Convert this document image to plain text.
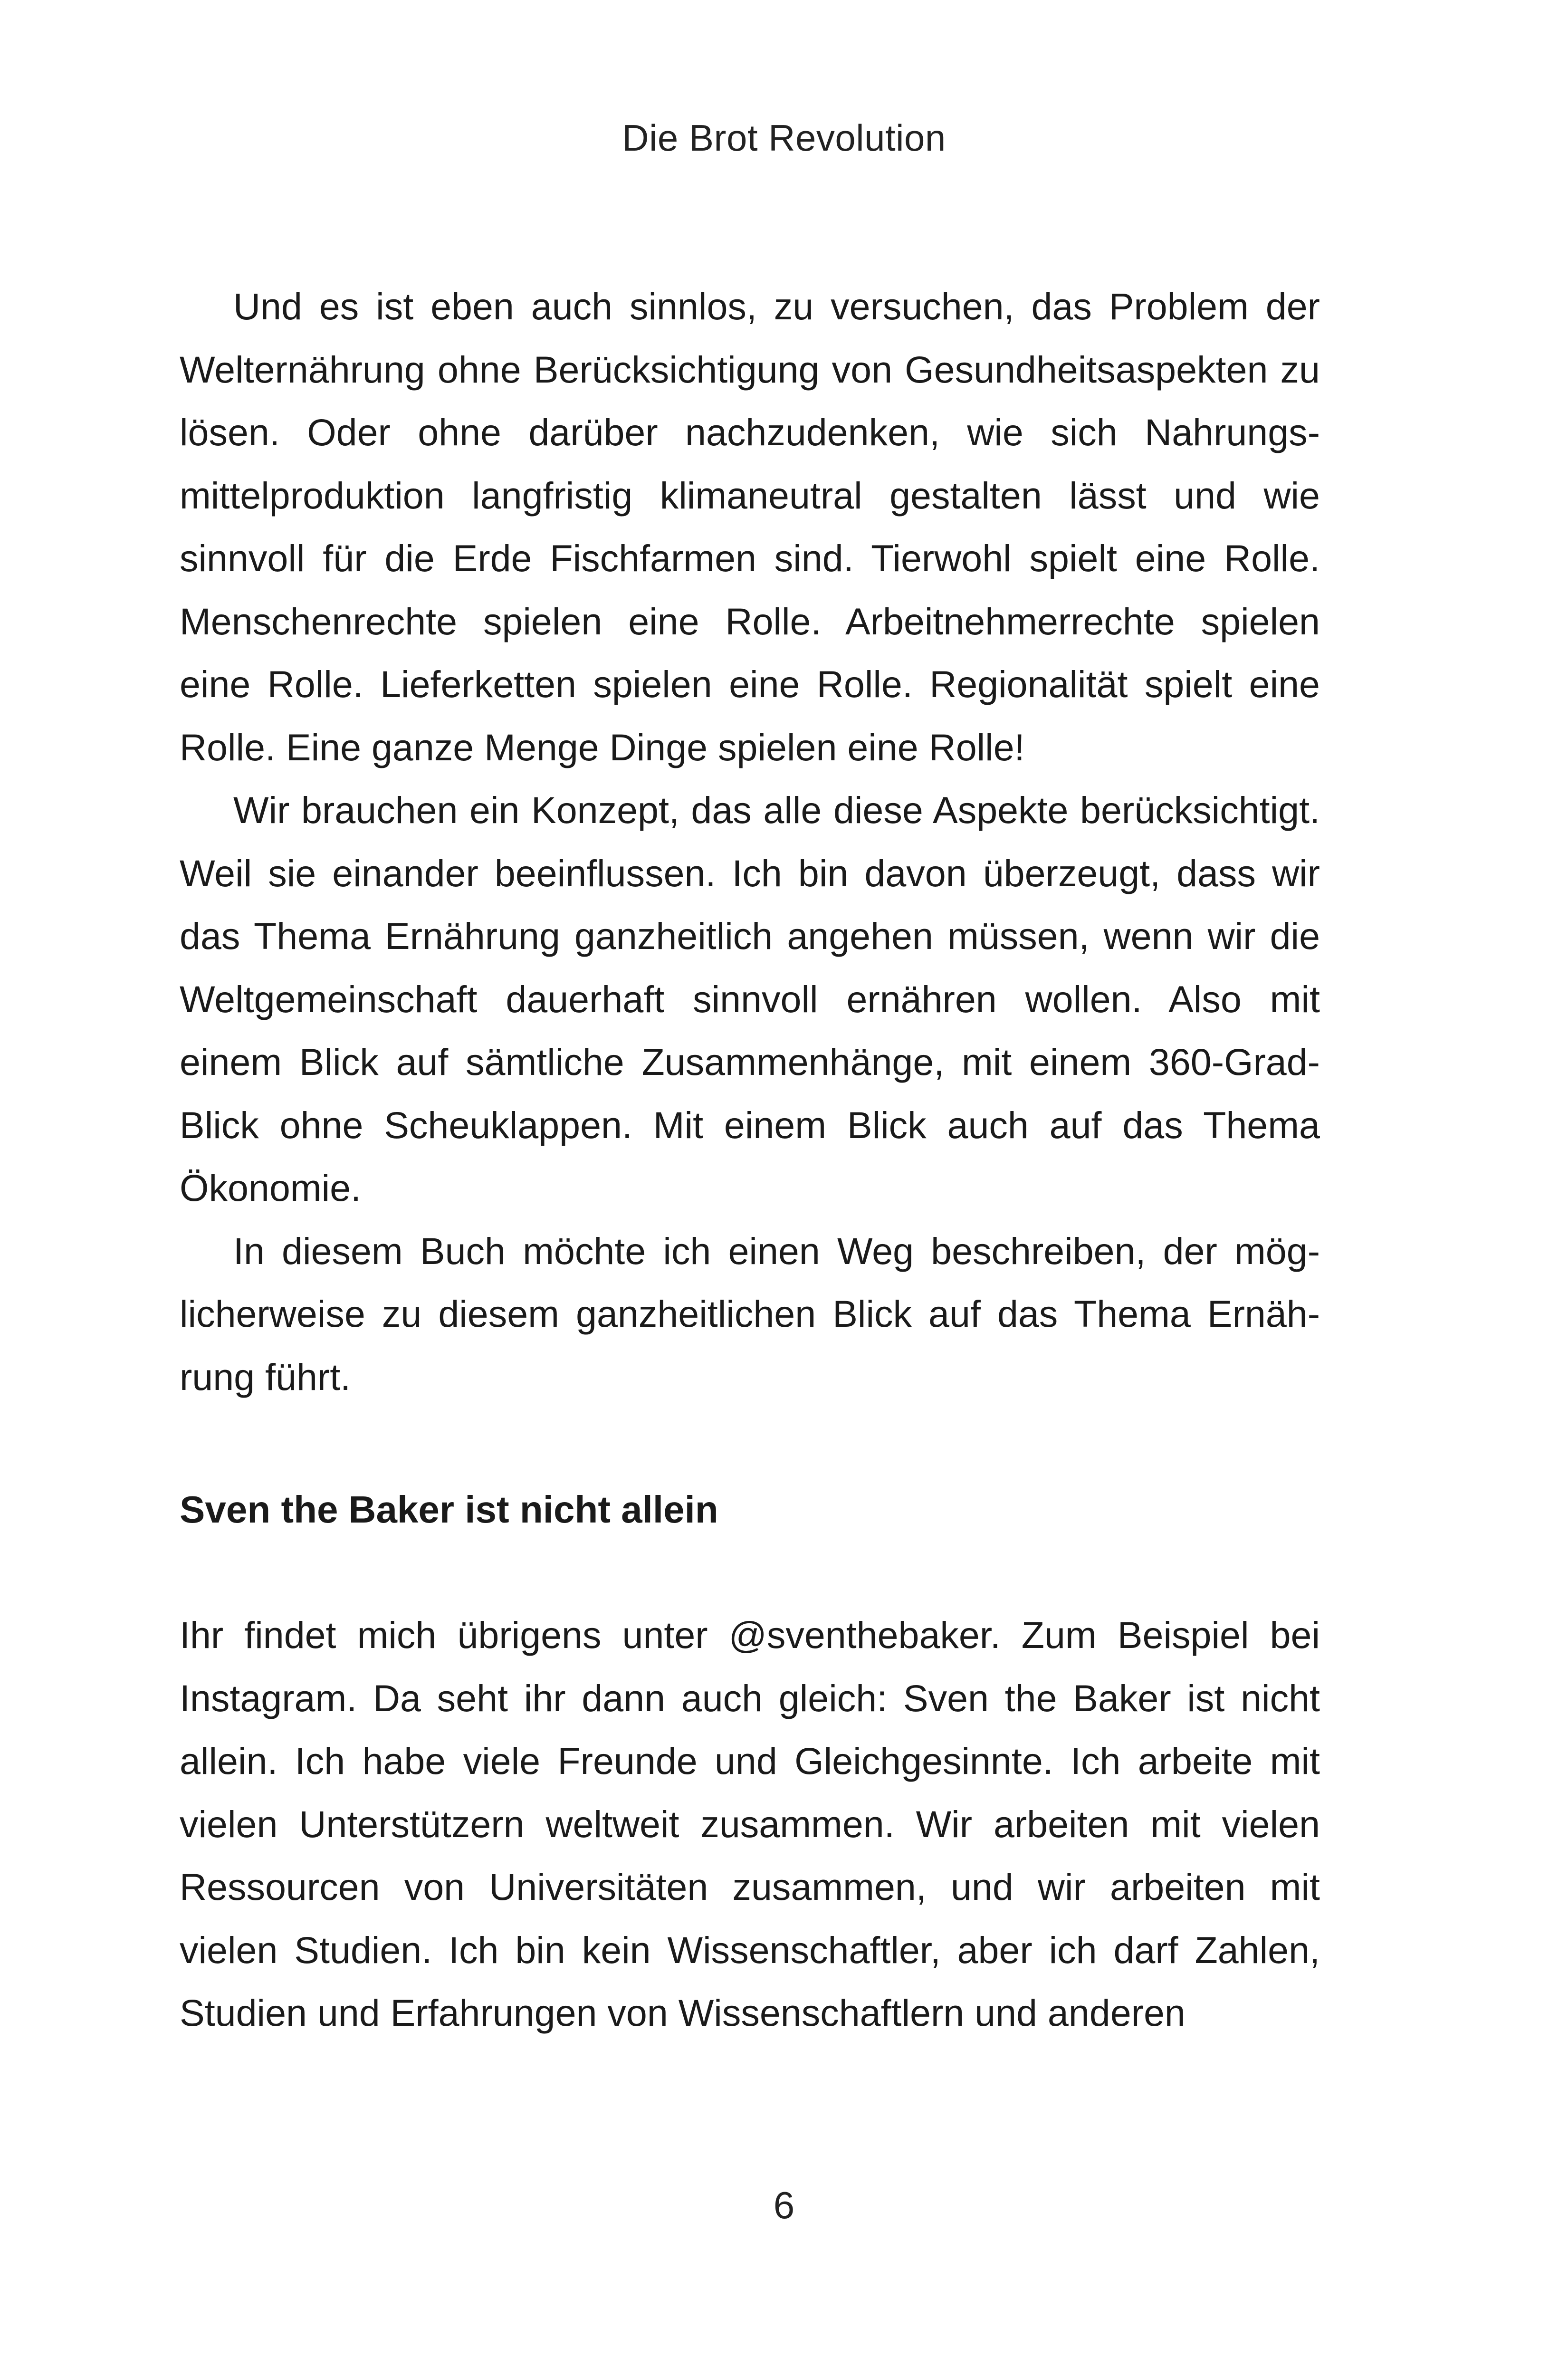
Die Brot Revolution

Und es ist eben auch sinnlos, zu versuchen, das Problem der Welternährung ohne Berücksichtigung von Gesundheitsaspekten zu lösen. Oder ohne darüber nachzudenken, wie sich Nahrungsmittelproduktion langfristig klimaneutral gestalten lässt und wie sinnvoll für die Erde Fischfarmen sind. Tierwohl spielt eine Rolle. Menschenrechte spielen eine Rolle. Arbeitnehmerrechte spielen eine Rolle. Lieferketten spielen eine Rolle. Regionalität spielt eine Rolle. Eine ganze Menge Dinge spielen eine Rolle!

Wir brauchen ein Konzept, das alle diese Aspekte berücksichtigt. Weil sie einander beeinflussen. Ich bin davon überzeugt, dass wir das Thema Ernährung ganzheitlich angehen müssen, wenn wir die Weltgemeinschaft dauerhaft sinnvoll ernähren wollen. Also mit einem Blick auf sämtliche Zusammenhänge, mit einem 360-Grad-Blick ohne Scheuklappen. Mit einem Blick auch auf das Thema Ökonomie.

In diesem Buch möchte ich einen Weg beschreiben, der möglicherweise zu diesem ganzheitlichen Blick auf das Thema Ernährung führt.

Sven the Baker ist nicht allein

Ihr findet mich übrigens unter @sventhebaker. Zum Beispiel bei Instagram. Da seht ihr dann auch gleich: Sven the Baker ist nicht allein. Ich habe viele Freunde und Gleichgesinnte. Ich arbeite mit vielen Unterstützern weltweit zusammen. Wir arbeiten mit vielen Ressourcen von Universitäten zusammen, und wir arbeiten mit vielen Studien. Ich bin kein Wissenschaftler, aber ich darf Zahlen, Studien und Erfahrungen von Wissenschaftlern und anderen

6
